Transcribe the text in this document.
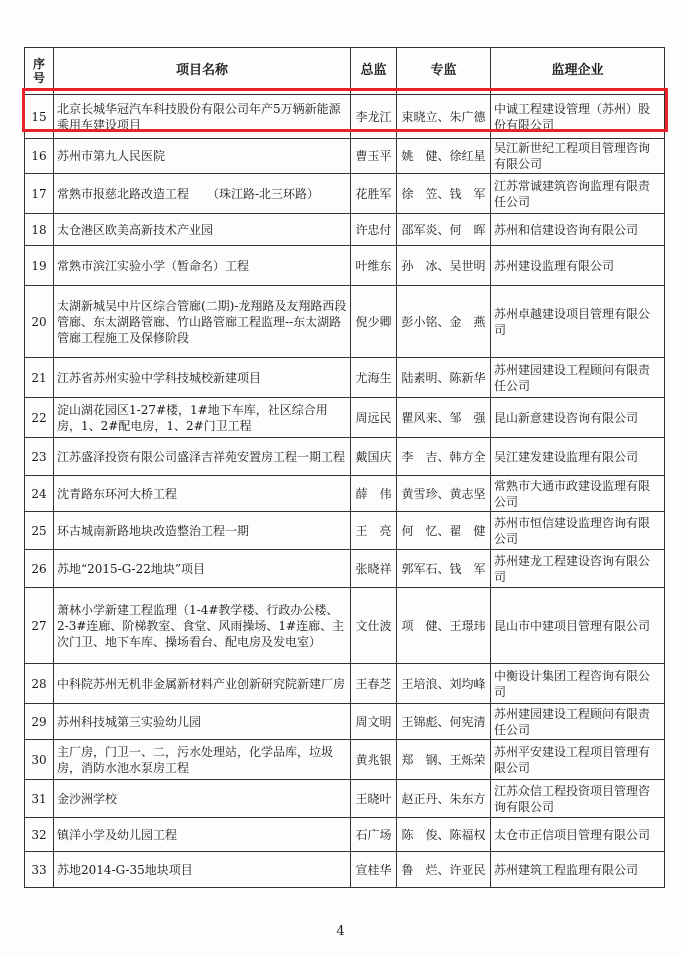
序号	项目名称	总监	专监	监理企业
15	北京长城华冠汽车科技股份有限公司年产5万辆新能源乘用车建设项目	李龙江	束晓立、朱广德	中诚工程建设管理（苏州）股份有限公司
16	苏州市第九人民医院	曹玉平	姚　健、徐红星	吴江新世纪工程项目管理咨询有限公司
17	常熟市报慈北路改造工程　　（珠江路-北三环路）	花胜军	徐　笠、钱　军	江苏常诚建筑咨询监理有限责任公司
18	太仓港区欧美高新技术产业园	许忠付	邵军炎、何　晖	苏州和信建设咨询有限公司
19	常熟市滨江实验小学（暂命名）工程	叶维东	孙　冰、吴世明	苏州建设监理有限公司
20	太湖新城吴中片区综合管廊(二期)-龙翔路及友翔路西段管廊、东太湖路管廊、竹山路管廊工程监理--东太湖路管廊工程施工及保修阶段	倪少卿	彭小铭、金　燕	苏州卓越建设项目管理有限公司
21	江苏省苏州实验中学科技城校新建项目	尤海生	陆素明、陈新华	苏州建园建设工程顾问有限责任公司
22	淀山湖花园区1-27#楼，1#地下车库，社区综合用房，1、2#配电房，1、2#门卫工程	周远民	瞿风来、邹　强	昆山新意建设咨询有限公司
23	江苏盛泽投资有限公司盛泽吉祥苑安置房工程一期工程	戴国庆	李　吉、韩方全	吴江建发建设监理有限公司
24	沈青路东环河大桥工程	薛　伟	黄雪珍、黄志坚	常熟市大通市政建设监理有限公司
25	环古城南新路地块改造整治工程一期	王　亮	何　忆、翟　健	苏州市恒信建设监理咨询有限公司
26	苏地“2015-G-22地块”项目	张晓祥	郭军石、钱　军	苏州建龙工程建设咨询有限公司
27	萧林小学新建工程监理（1-4#教学楼、行政办公楼、2-3#连廊、阶梯教室、食堂、风雨操场、1#连廊、主次门卫、地下车库、操场看台、配电房及发电室）	文仕波	项　健、王璟玮	昆山市中建项目管理有限公司
28	中科院苏州无机非金属新材料产业创新研究院新建厂房	王春芝	王培浪、刘均峰	中衡设计集团工程咨询有限公司
29	苏州科技城第三实验幼儿园	周文明	王锦彪、何宪清	苏州建园建设工程顾问有限责任公司
30	主厂房，门卫一、二，污水处理站，化学品库，垃圾房，消防水池水泵房工程	黄兆银	郑　钢、王烁荣	苏州平安建设工程项目管理有限公司
31	金沙洲学校	王晓叶	赵正丹、朱东方	江苏众信工程投资项目管理咨询有限公司
32	镇洋小学及幼儿园工程	石广场	陈　俊、陈福权	太仓市正信项目管理有限公司
33	苏地2014-G-35地块项目	宣桂华	鲁　烂、许亚民	苏州建筑工程监理有限公司
4
